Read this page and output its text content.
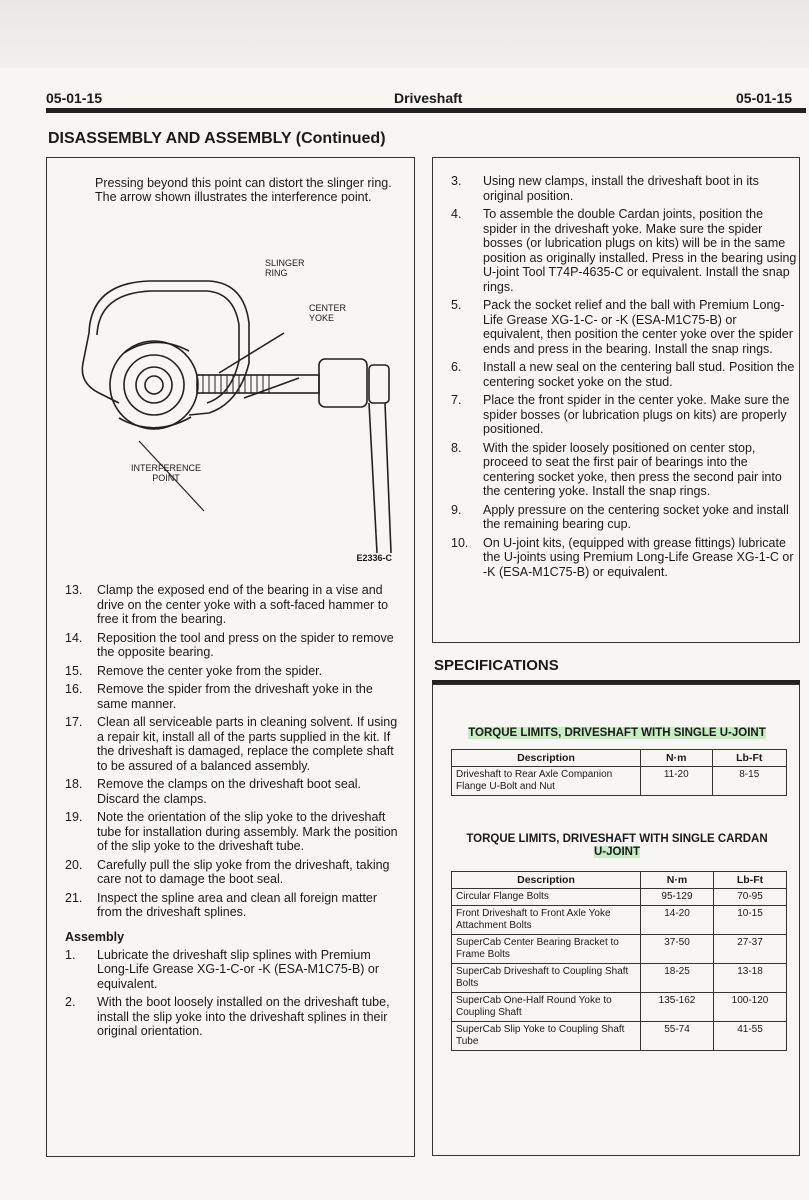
05-01-15	Driveshaft	05-01-15
DISASSEMBLY AND ASSEMBLY (Continued)
Pressing beyond this point can distort the slinger ring. The arrow shown illustrates the interference point.
SLINGER RING
CENTER YOKE
INTERFERENCE POINT
E2336-C
13. Clamp the exposed end of the bearing in a vise and drive on the center yoke with a soft-faced hammer to free it from the bearing.
14. Reposition the tool and press on the spider to remove the opposite bearing.
15. Remove the center yoke from the spider.
16. Remove the spider from the driveshaft yoke in the same manner.
17. Clean all serviceable parts in cleaning solvent. If using a repair kit, install all of the parts supplied in the kit. If the driveshaft is damaged, replace the complete shaft to be assured of a balanced assembly.
18. Remove the clamps on the driveshaft boot seal. Discard the clamps.
19. Note the orientation of the slip yoke to the driveshaft tube for installation during assembly. Mark the position of the slip yoke to the driveshaft tube.
20. Carefully pull the slip yoke from the driveshaft, taking care not to damage the boot seal.
21. Inspect the spline area and clean all foreign matter from the driveshaft splines.
Assembly
1. Lubricate the driveshaft slip splines with Premium Long-Life Grease XG-1-C-or -K (ESA-M1C75-B) or equivalent.
2. With the boot loosely installed on the driveshaft tube, install the slip yoke into the driveshaft splines in their original orientation.
3. Using new clamps, install the driveshaft boot in its original position.
4. To assemble the double Cardan joints, position the spider in the driveshaft yoke. Make sure the spider bosses (or lubrication plugs on kits) will be in the same position as originally installed. Press in the bearing using U-joint Tool T74P-4635-C or equivalent. Install the snap rings.
5. Pack the socket relief and the ball with Premium Long-Life Grease XG-1-C- or -K (ESA-M1C75-B) or equivalent, then position the center yoke over the spider ends and press in the bearing. Install the snap rings.
6. Install a new seal on the centering ball stud. Position the centering socket yoke on the stud.
7. Place the front spider in the center yoke. Make sure the spider bosses (or lubrication plugs on kits) are properly positioned.
8. With the spider loosely positioned on center stop, proceed to seat the first pair of bearings into the centering socket yoke, then press the second pair into the centering yoke. Install the snap rings.
9. Apply pressure on the centering socket yoke and install the remaining bearing cup.
10. On U-joint kits, (equipped with grease fittings) lubricate the U-joints using Premium Long-Life Grease XG-1-C or -K (ESA-M1C75-B) or equivalent.
SPECIFICATIONS
TORQUE LIMITS, DRIVESHAFT WITH SINGLE U-JOINT
Description	N·m	Lb-Ft
Driveshaft to Rear Axle Companion Flange U-Bolt and Nut	11-20	8-15
TORQUE LIMITS, DRIVESHAFT WITH SINGLE CARDAN
U-JOINT
Description	N·m	Lb-Ft
Circular Flange Bolts	95-129	70-95
Front Driveshaft to Front Axle Yoke Attachment Bolts	14-20	10-15
SuperCab Center Bearing Bracket to Frame Bolts	37-50	27-37
SuperCab Driveshaft to Coupling Shaft Bolts	18-25	13-18
SuperCab One-Half Round Yoke to Coupling Shaft	135-162	100-120
SuperCab Slip Yoke to Coupling Shaft Tube	55-74	41-55
